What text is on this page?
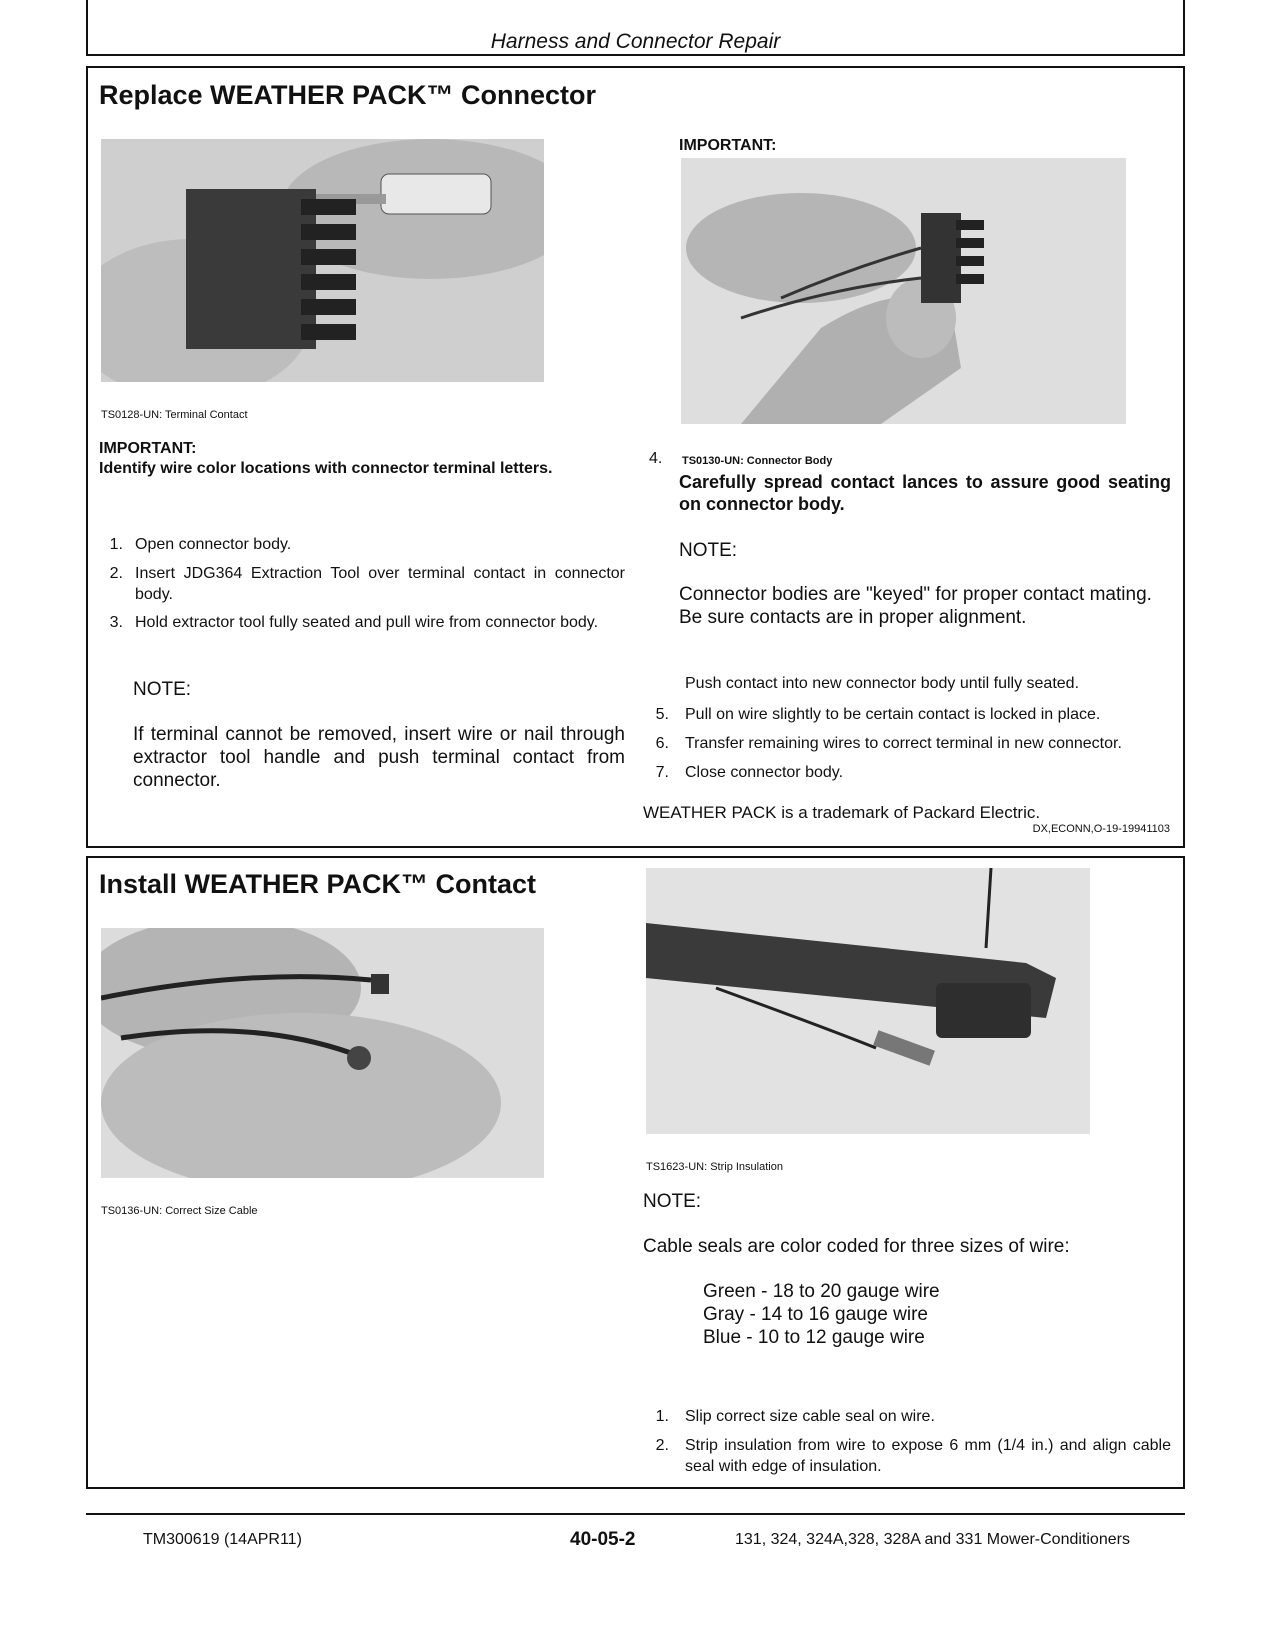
Harness and Connector Repair
Replace WEATHER PACK™ Connector
TS0128-UN: Terminal Contact
IMPORTANT:
Identify wire color locations with connector terminal letters.
1. Open connector body.
2. Insert JDG364 Extraction Tool over terminal contact in connector body.
3. Hold extractor tool fully seated and pull wire from connector body.
NOTE:
If terminal cannot be removed, insert wire or nail through extractor tool handle and push terminal contact from connector.
IMPORTANT:
4. TS0130-UN: Connector Body
Carefully spread contact lances to assure good seating on connector body.
NOTE:
Connector bodies are "keyed" for proper contact mating. Be sure contacts are in proper alignment.
Push contact into new connector body until fully seated.
5. Pull on wire slightly to be certain contact is locked in place.
6. Transfer remaining wires to correct terminal in new connector.
7. Close connector body.
WEATHER PACK is a trademark of Packard Electric.
DX,ECONN,O-19-19941103
Install WEATHER PACK™ Contact
TS0136-UN: Correct Size Cable
TS1623-UN: Strip Insulation
NOTE:
Cable seals are color coded for three sizes of wire:
Green - 18 to 20 gauge wire
Gray - 14 to 16 gauge wire
Blue - 10 to 12 gauge wire
1. Slip correct size cable seal on wire.
2. Strip insulation from wire to expose 6 mm (1/4 in.) and align cable seal with edge of insulation.
TM300619 (14APR11)	40-05-2	131, 324, 324A,328, 328A and 331 Mower-Conditioners
